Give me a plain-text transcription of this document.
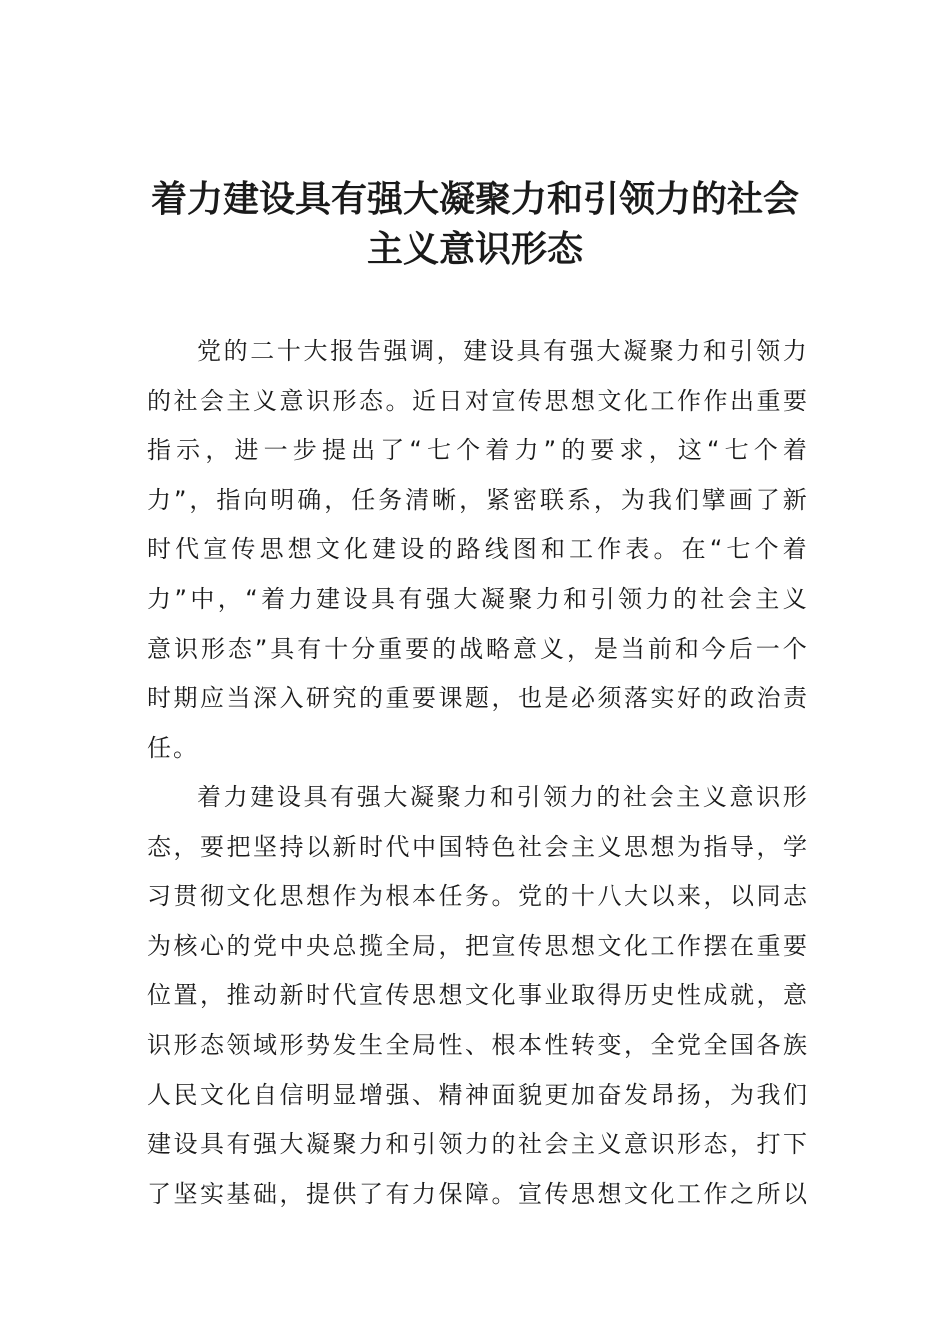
着力建设具有强大凝聚力和引领力的社会
主义意识形态
党 的 二 十 大 报 告 强 调 ， 建 设 具 有 强 大 凝 聚 力 和 引 领 力
的 社 会 主 义 意 识 形 态 。 近 日 对 宣 传 思 想 文 化 工 作 作 出 重 要
指 示 ， 进 一 步 提 出 了 “ 七 个 着 力 ” 的 要 求 ， 这 “ 七 个 着
力 ” ， 指 向 明 确 ， 任 务 清 晰 ， 紧 密 联 系 ， 为 我 们 擘 画 了 新
时 代 宣 传 思 想 文 化 建 设 的 路 线 图 和 工 作 表 。 在 “ 七 个 着
力 ” 中 ， “ 着 力 建 设 具 有 强 大 凝 聚 力 和 引 领 力 的 社 会 主 义
意 识 形 态 ” 具 有 十 分 重 要 的 战 略 意 义 ， 是 当 前 和 今 后 一 个
时 期 应 当 深 入 研 究 的 重 要 课 题 ， 也 是 必 须 落 实 好 的 政 治 责
任 。
着 力 建 设 具 有 强 大 凝 聚 力 和 引 领 力 的 社 会 主 义 意 识 形
态 ， 要 把 坚 持 以 新 时 代 中 国 特 色 社 会 主 义 思 想 为 指 导 ， 学
习 贯 彻 文 化 思 想 作 为 根 本 任 务 。 党 的 十 八 大 以 来 ， 以 同 志
为 核 心 的 党 中 央 总 揽 全 局 ， 把 宣 传 思 想 文 化 工 作 摆 在 重 要
位 置 ， 推 动 新 时 代 宣 传 思 想 文 化 事 业 取 得 历 史 性 成 就 ， 意
识 形 态 领 域 形 势 发 生 全 局 性 、 根 本 性 转 变 ， 全 党 全 国 各 族
人 民 文 化 自 信 明 显 增 强 、 精 神 面 貌 更 加 奋 发 昂 扬 ， 为 我 们
建 设 具 有 强 大 凝 聚 力 和 引 领 力 的 社 会 主 义 意 识 形 态 ， 打 下
了 坚 实 基 础 ， 提 供 了 有 力 保 障 。 宣 传 思 想 文 化 工 作 之 所 以
